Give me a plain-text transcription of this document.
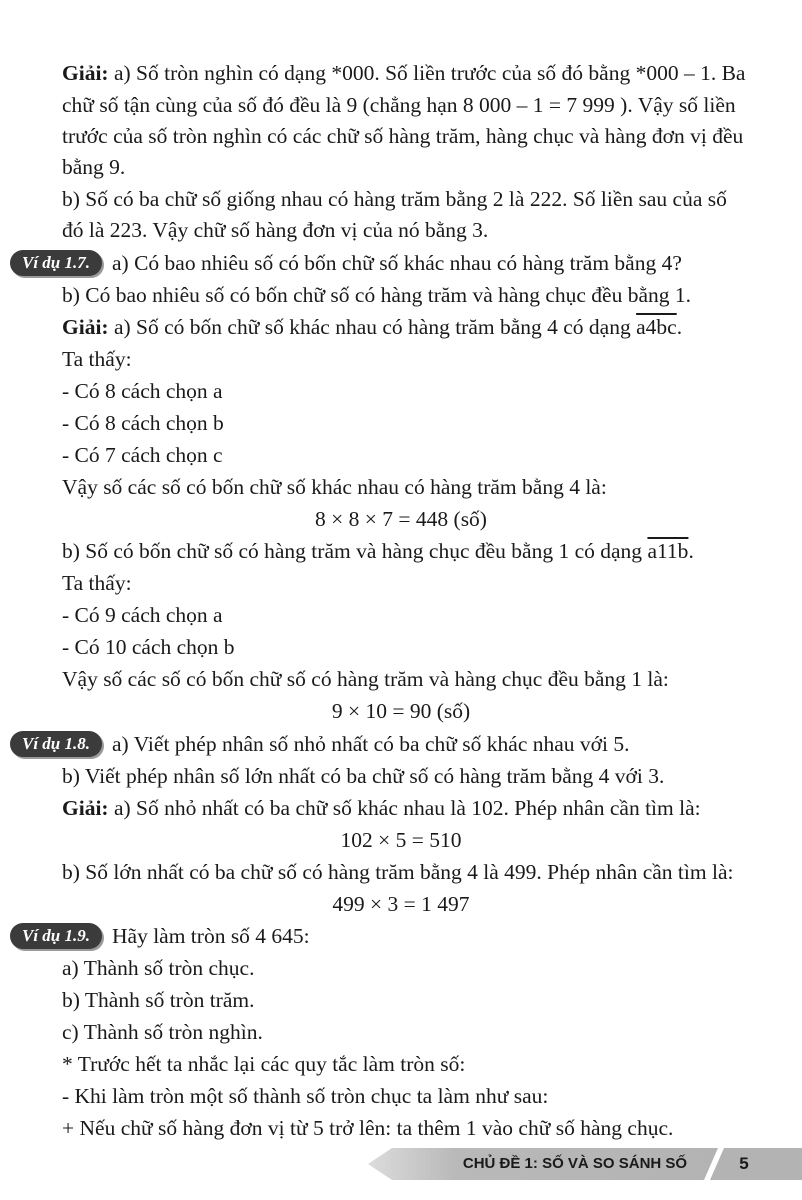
Giải: a) Số tròn nghìn có dạng *000. Số liền trước của số đó bằng *000 – 1. Ba
chữ số tận cùng của số đó đều là 9 (chẳng hạn 8 000 – 1 = 7 999 ). Vậy số liền
trước của số tròn nghìn có các chữ số hàng trăm, hàng chục và hàng đơn vị đều
bằng 9.
b) Số có ba chữ số giống nhau có hàng trăm bằng 2 là 222. Số liền sau của số
đó là 223. Vậy chữ số hàng đơn vị của nó bằng 3.
Ví dụ 1.7.	a) Có bao nhiêu số có bốn chữ số khác nhau có hàng trăm bằng 4?
b) Có bao nhiêu số có bốn chữ số có hàng trăm và hàng chục đều bằng 1.
Giải: a) Số có bốn chữ số khác nhau có hàng trăm bằng 4 có dạng a4bc.
Ta thấy:
- Có 8 cách chọn a
- Có 8 cách chọn b
- Có 7 cách chọn c
Vậy số các số có bốn chữ số khác nhau có hàng trăm bằng 4 là:
8 × 8 × 7 = 448 (số)
b) Số có bốn chữ số có hàng trăm và hàng chục đều bằng 1 có dạng a11b.
Ta thấy:
- Có 9 cách chọn a
- Có 10 cách chọn b
Vậy số các số có bốn chữ số có hàng trăm và hàng chục đều bằng 1 là:
9 × 10 = 90 (số)
Ví dụ 1.8.	a) Viết phép nhân số nhỏ nhất có ba chữ số khác nhau với 5.
b) Viết phép nhân số lớn nhất có ba chữ số có hàng trăm bằng 4 với 3.
Giải: a) Số nhỏ nhất có ba chữ số khác nhau là 102. Phép nhân cần tìm là:
102 × 5 = 510
b) Số lớn nhất có ba chữ số có hàng trăm bằng 4 là 499. Phép nhân cần tìm là:
499 × 3 = 1 497
Ví dụ 1.9.	Hãy làm tròn số 4 645:
a) Thành số tròn chục.
b) Thành số tròn trăm.
c) Thành số tròn nghìn.
* Trước hết ta nhắc lại các quy tắc làm tròn số:
- Khi làm tròn một số thành số tròn chục ta làm như sau:
+ Nếu chữ số hàng đơn vị từ 5 trở lên: ta thêm 1 vào chữ số hàng chục.
CHỦ ĐỀ 1: SỐ VÀ SO SÁNH SỐ	5
